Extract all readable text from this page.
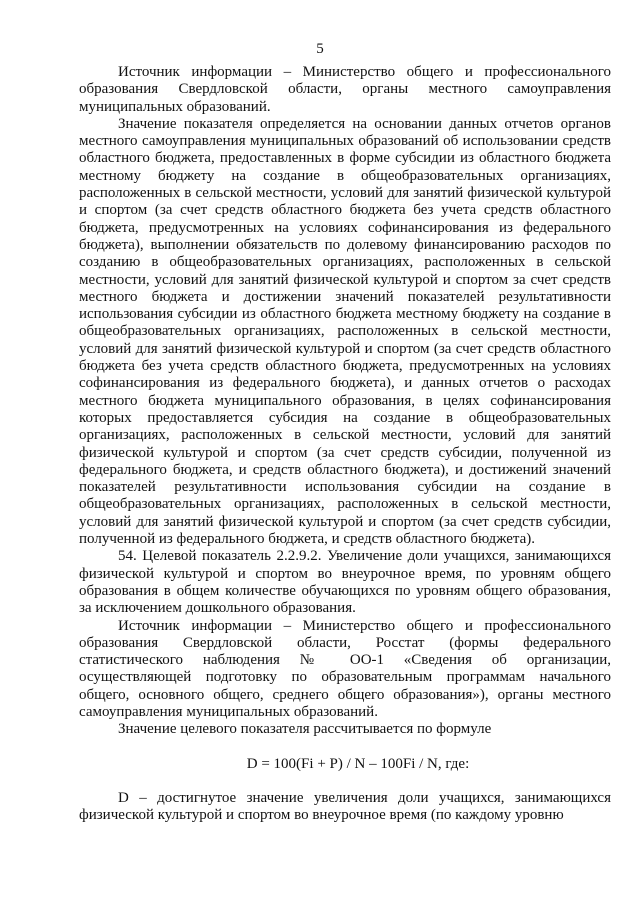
5

Источник информации – Министерство общего и профессионального образования Свердловской области, органы местного самоуправления муниципальных образований.

Значение показателя определяется на основании данных отчетов органов местного самоуправления муниципальных образований об использовании средств областного бюджета, предоставленных в форме субсидии из областного бюджета местному бюджету на создание в общеобразовательных организациях, расположенных в сельской местности, условий для занятий физической культурой и спортом (за счет средств областного бюджета без учета средств областного бюджета, предусмотренных на условиях софинансирования из федерального бюджета), выполнении обязательств по долевому финансированию расходов по созданию в общеобразовательных организациях, расположенных в сельской местности, условий для занятий физической культурой и спортом за счет средств местного бюджета и достижении значений показателей результативности использования субсидии из областного бюджета местному бюджету на создание в общеобразовательных организациях, расположенных в сельской местности, условий для занятий физической культурой и спортом (за счет средств областного бюджета без учета средств областного бюджета, предусмотренных на условиях софинансирования из федерального бюджета), и данных отчетов о расходах местного бюджета муниципального образования, в целях софинансирования которых предоставляется субсидия на создание в общеобразовательных организациях, расположенных в сельской местности, условий для занятий физической культурой и спортом (за счет средств субсидии, полученной из федерального бюджета, и средств областного бюджета), и достижений значений показателей результативности использования субсидии на создание в общеобразовательных организациях, расположенных в сельской местности, условий для занятий физической культурой и спортом (за счет средств субсидии, полученной из федерального бюджета, и средств областного бюджета).

54. Целевой показатель 2.2.9.2. Увеличение доли учащихся, занимающихся физической культурой и спортом во внеурочное время, по уровням общего образования в общем количестве обучающихся по уровням общего образования, за исключением дошкольного образования.

Источник информации – Министерство общего и профессионального образования Свердловской области, Росстат (формы федерального статистического наблюдения № ОО-1 «Сведения об организации, осуществляющей подготовку по образовательным программам начального общего, основного общего, среднего общего образования»), органы местного самоуправления муниципальных образований.

Значение целевого показателя рассчитывается по формуле

D = 100(Fi + P) / N – 100Fi / N, где:

D – достигнутое значение увеличения доли учащихся, занимающихся физической культурой и спортом во внеурочное время (по каждому уровню
